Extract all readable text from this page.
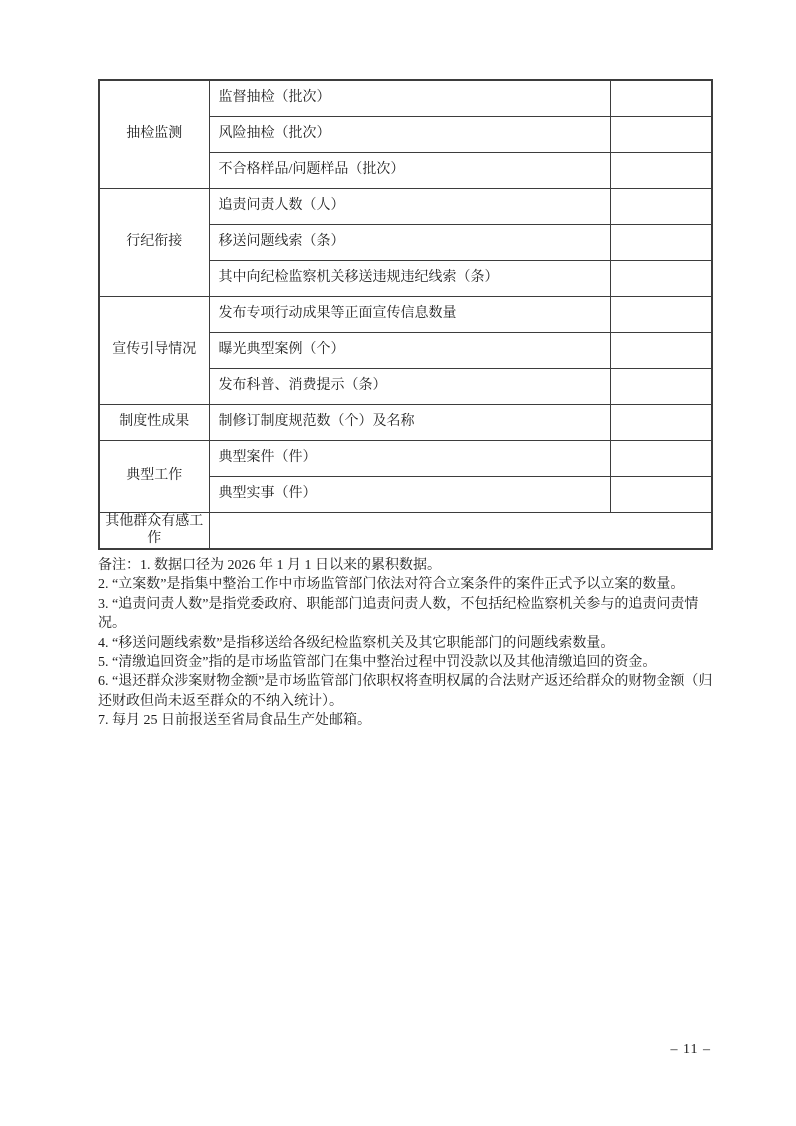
抽检监测	监督抽检（批次）	
	风险抽检（批次）	
	不合格样品/问题样品（批次）	
行纪衔接	追责问责人数（人）	
	移送问题线索（条）	
	其中向纪检监察机关移送违规违纪线索（条）	
宣传引导情况	发布专项行动成果等正面宣传信息数量	
	曝光典型案例（个）	
	发布科普、消费提示（条）	
制度性成果	制修订制度规范数（个）及名称	
典型工作	典型案件（件）	
	典型实事（件）	
其他群众有感工作		

备注：1. 数据口径为 2026 年 1 月 1 日以来的累积数据。

2. “立案数”是指集中整治工作中市场监管部门依法对符合立案条件的案件正式予以立案的数量。

3. “追责问责人数”是指党委政府、职能部门追责问责人数，不包括纪检监察机关参与的追责问责情况。

4. “移送问题线索数”是指移送给各级纪检监察机关及其它职能部门的问题线索数量。

5. “清缴追回资金”指的是市场监管部门在集中整治过程中罚没款以及其他清缴追回的资金。

6. “退还群众涉案财物金额”是市场监管部门依职权将查明权属的合法财产返还给群众的财物金额（归还财政但尚未返至群众的不纳入统计）。

7. 每月 25 日前报送至省局食品生产处邮箱。

– 11 –
